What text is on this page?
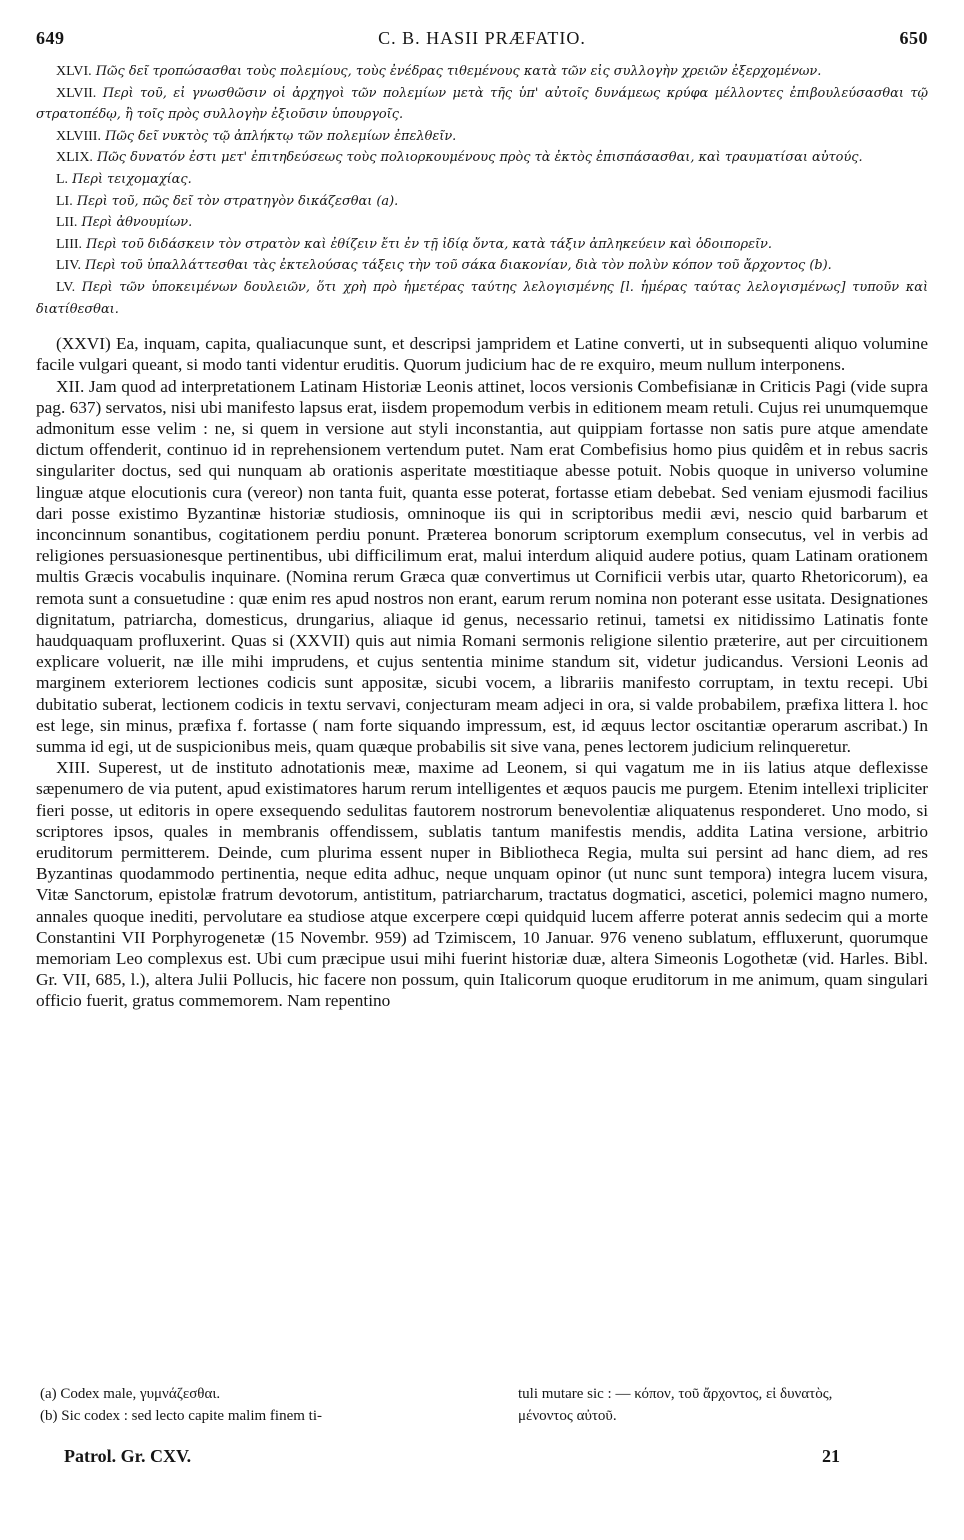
649	C. B. HASII PRÆFATIO.	650

XLVI. Πῶς δεῖ τροπώσασθαι τοὺς πολεμίους, τοὺς ἐνέδρας τιθεμένους κατὰ τῶν εἰς συλλογὴν χρειῶν ἐξερχομένων.

XLVII. Περὶ τοῦ, εἰ γνωσθῶσιν οἱ ἀρχηγοὶ τῶν πολεμίων μετὰ τῆς ὑπ' αὐτοῖς δυνάμεως κρύφα μέλλοντες ἐπιβουλεύσασθαι τῷ στρατοπέδῳ, ἢ τοῖς πρὸς συλλογὴν ἐξιοῦσιν ὑπουργοῖς.

XLVIII. Πῶς δεῖ νυκτὸς τῷ ἀπλήκτῳ τῶν πολεμίων ἐπελθεῖν.

XLIX. Πῶς δυνατόν ἐστι μετ' ἐπιτηδεύσεως τοὺς πολιορκουμένους πρὸς τὰ ἐκτὸς ἐπισπάσασθαι, καὶ τραυματίσαι αὐτούς.

L. Περὶ τειχομαχίας.

LI. Περὶ τοῦ, πῶς δεῖ τὸν στρατηγὸν δικάζεσθαι (a).

LII. Περὶ ἀθνουμίων.

LIII. Περὶ τοῦ διδάσκειν τὸν στρατὸν καὶ ἐθίζειν ἔτι ἐν τῇ ἰδίᾳ ὄντα, κατὰ τάξιν ἀπληκεύειν καὶ ὁδοιπορεῖν.

LIV. Περὶ τοῦ ὑπαλλάττεσθαι τὰς ἐκτελούσας τάξεις τὴν τοῦ σάκα διακονίαν, διὰ τὸν πολὺν κόπον τοῦ ἄρχοντος (b).

LV. Περὶ τῶν ὑποκειμένων δουλειῶν, ὅτι χρὴ πρὸ ἡμετέρας ταύτης λελογισμένης [l. ἡμέρας ταύτας λελογισμένως] τυποῦν καὶ διατίθεσθαι.

(XXVI) Ea, inquam, capita, qualiacunque sunt, et descripsi jampridem et Latine converti, ut in subsequenti aliquo volumine facile vulgari queant, si modo tanti videntur eruditis. Quorum judicium hac de re exquiro, meum nullum interponens.

XII. Jam quod ad interpretationem Latinam Historiæ Leonis attinet, locos versionis Combefisianæ in Criticis Pagi (vide supra pag. 637) servatos, nisi ubi manifesto lapsus erat, iisdem propemodum verbis in editionem meam retuli. Cujus rei unumquemque admonitum esse velim : ne, si quem in versione aut styli inconstantia, aut quippiam fortasse non satis pure atque amendate dictum offenderit, continuo id in reprehensionem vertendum putet. Nam erat Combefisius homo pius quidêm et in rebus sacris singulariter doctus, sed qui nunquam ab orationis asperitate mœstitiaque abesse potuit. Nobis quoque in universo volumine linguæ atque elocutionis cura (vereor) non tanta fuit, quanta esse poterat, fortasse etiam debebat. Sed veniam ejusmodi facilius dari posse existimo Byzantinæ historiæ studiosis, omninoque iis qui in scriptoribus medii ævi, nescio quid barbarum et inconcinnum sonantibus, cogitationem perdiu ponunt. Præterea bonorum scriptorum exemplum consecutus, vel in verbis ad religiones persuasionesque pertinentibus, ubi difficilimum erat, malui interdum aliquid audere potius, quam Latinam orationem multis Græcis vocabulis inquinare. (Nomina rerum Græca quæ convertimus ut Cornificii verbis utar, quarto Rhetoricorum), ea remota sunt a consuetudine : quæ enim res apud nostros non erant, earum rerum nomina non poterant esse usitata. Designationes dignitatum, patriarcha, domesticus, drungarius, aliaque id genus, necessario retinui, tametsi ex nitidissimo Latinatis fonte haudquaquam profluxerint. Quas si (XXVII) quis aut nimia Romani sermonis religione silentio præterire, aut per circuitionem explicare voluerit, næ ille mihi imprudens, et cujus sententia minime standum sit, videtur judicandus. Versioni Leonis ad marginem exteriorem lectiones codicis sunt appositæ, sicubi vocem, a librariis manifesto corruptam, in textu recepi. Ubi dubitatio suberat, lectionem codicis in textu servavi, conjecturam meam adjeci in ora, si valde probabilem, præfixa littera l. hoc est lege, sin minus, præfixa f. fortasse ( nam forte siquando impressum, est, id æquus lector oscitantiæ operarum ascribat.) In summa id egi, ut de suspicionibus meis, quam quæque probabilis sit sive vana, penes lectorem judicium relinqueretur.

XIII. Superest, ut de instituto adnotationis meæ, maxime ad Leonem, si qui vagatum me in iis latius atque deflexisse sæpenumero de via putent, apud existimatores harum rerum intelligentes et æquos paucis me purgem. Etenim intellexi tripliciter fieri posse, ut editoris in opere exsequendo sedulitas fautorem nostrorum benevolentiæ aliquatenus responderet. Uno modo, si scriptores ipsos, quales in membranis offendissem, sublatis tantum manifestis mendis, addita Latina versione, arbitrio eruditorum permitterem. Deinde, cum plurima essent nuper in Bibliotheca Regia, multa sui persint ad hanc diem, ad res Byzantinas quodammodo pertinentia, neque edita adhuc, neque unquam opinor (ut nunc sunt tempora) integra lucem visura, Vitæ Sanctorum, epistolæ fratrum devotorum, antistitum, patriarcharum, tractatus dogmatici, ascetici, polemici magno numero, annales quoque inediti, pervolutare ea studiose atque excerpere cœpi quidquid lucem afferre poterat annis sedecim qui a morte Constantini VII Porphyrogenetæ (15 Novembr. 959) ad Tzimiscem, 10 Januar. 976 veneno sublatum, effluxerunt, quorumque memoriam Leo complexus est. Ubi cum præcipue usui mihi fuerint historiæ duæ, altera Simeonis Logothetæ (vid. Harles. Bibl. Gr. VII, 685, l.), altera Julii Pollucis, hic facere non possum, quin Italicorum quoque eruditorum in me animum, quam singulari officio fuerit, gratus commemorem. Nam repentino

(a) Codex male, γυμνάζεσθαι.
(b) Sic codex : sed lecto capite malim finem ti-
tuli mutare sic : — κόπον, τοῦ ἄρχοντος, εἰ δυνατὸς,
μένοντος αὐτοῦ.
Patrol. Gr. CXV.	21
